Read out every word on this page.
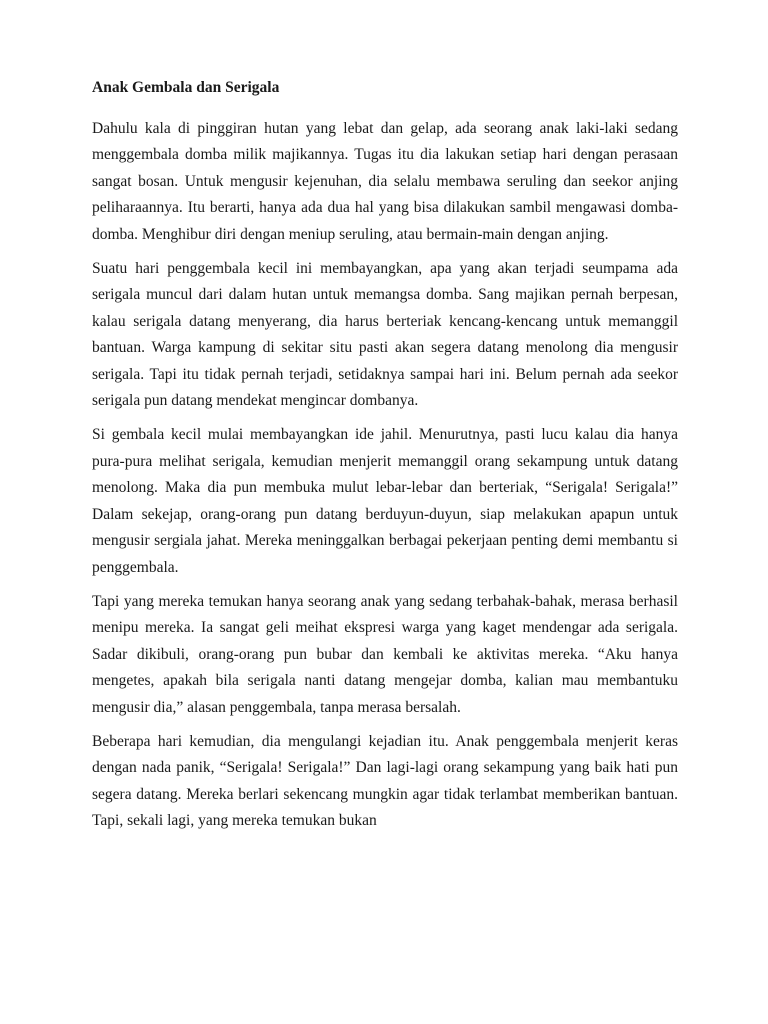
Anak Gembala dan Serigala

Dahulu kala di pinggiran hutan yang lebat dan gelap, ada seorang anak laki-laki sedang menggembala domba milik majikannya. Tugas itu dia lakukan setiap hari dengan perasaan sangat bosan. Untuk mengusir kejenuhan, dia selalu membawa seruling dan seekor anjing peliharaannya. Itu berarti, hanya ada dua hal yang bisa dilakukan sambil mengawasi domba-domba. Menghibur diri dengan meniup seruling, atau bermain-main dengan anjing.

Suatu hari penggembala kecil ini membayangkan, apa yang akan terjadi seumpama ada serigala muncul dari dalam hutan untuk memangsa domba. Sang majikan pernah berpesan, kalau serigala datang menyerang, dia harus berteriak kencang-kencang untuk memanggil bantuan. Warga kampung di sekitar situ pasti akan segera datang menolong dia mengusir serigala. Tapi itu tidak pernah terjadi, setidaknya sampai hari ini. Belum pernah ada seekor serigala pun datang mendekat mengincar dombanya.

Si gembala kecil mulai membayangkan ide jahil. Menurutnya, pasti lucu kalau dia hanya pura-pura melihat serigala, kemudian menjerit memanggil orang sekampung untuk datang menolong. Maka dia pun membuka mulut lebar-lebar dan berteriak, “Serigala! Serigala!” Dalam sekejap, orang-orang pun datang berduyun-duyun, siap melakukan apapun untuk mengusir sergiala jahat. Mereka meninggalkan berbagai pekerjaan penting demi membantu si penggembala.

Tapi yang mereka temukan hanya seorang anak yang sedang terbahak-bahak, merasa berhasil menipu mereka. Ia sangat geli meihat ekspresi warga yang kaget mendengar ada serigala. Sadar dikibuli, orang-orang pun bubar dan kembali ke aktivitas mereka. “Aku hanya mengetes, apakah bila serigala nanti datang mengejar domba, kalian mau membantuku mengusir dia,” alasan penggembala, tanpa merasa bersalah.

Beberapa hari kemudian, dia mengulangi kejadian itu. Anak penggembala menjerit keras dengan nada panik, “Serigala! Serigala!” Dan lagi-lagi orang sekampung yang baik hati pun segera datang. Mereka berlari sekencang mungkin agar tidak terlambat memberikan bantuan. Tapi, sekali lagi, yang mereka temukan bukan
